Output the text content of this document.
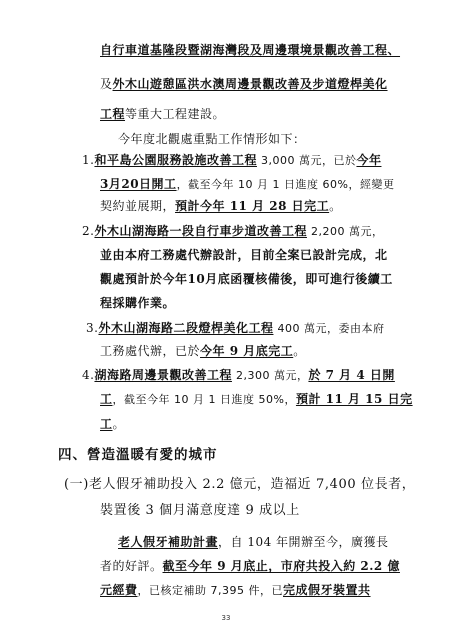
自行車道基隆段暨湖海灣段及周邊環境景觀改善工程、
及外木山遊憩區洪水澳周邊景觀改善及步道燈桿美化
工程等重大工程建設。
今年度北觀處重點工作情形如下：
1.和平島公園服務設施改善工程 3,000 萬元，已於今年
3月20日開工，截至今年 10 月 1 日進度 60%，經變更
契約並展期，預計今年 11 月 28 日完工。
2.外木山湖海路一段自行車步道改善工程 2,200 萬元，
並由本府工務處代辦設計，目前全案已設計完成，北
觀處預計於今年10月底函覆核備後，即可進行後續工
程採購作業。
3.外木山湖海路二段燈桿美化工程 400 萬元，委由本府
工務處代辦，已於今年 9 月底完工。
4.湖海路周邊景觀改善工程 2,300 萬元，於 7 月 4 日開
工，截至今年 10 月 1 日進度 50%，預計 11 月 15 日完
工。
四、營造溫暖有愛的城市
(一)老人假牙補助投入 2.2 億元，造福近 7,400 位長者，
裝置後 3 個月滿意度達 9 成以上
老人假牙補助計畫，自 104 年開辦至今，廣獲長
者的好評。截至今年 9 月底止，市府共投入約 2.2 億
元經費，已核定補助 7,395 件，已完成假牙裝置共
33
